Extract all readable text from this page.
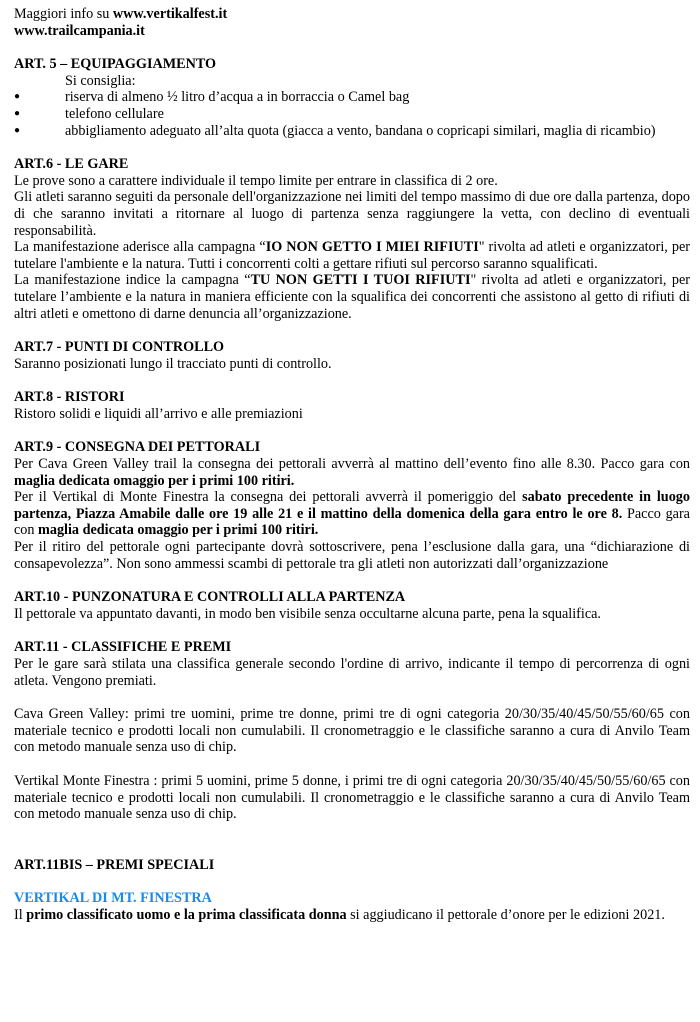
Maggiori info su www.vertikalfest.it

www.trailcampania.it

ART. 5 – EQUIPAGGIAMENTO

Si consiglia:

● riserva di almeno ½ litro d’acqua a in borraccia o Camel bag
● telefono cellulare
● abbigliamento adeguato all’alta quota (giacca a vento, bandana o copricapi similari, maglia di ricambio)

ART.6 - LE GARE

Le prove sono a carattere individuale il tempo limite per entrare in classifica di 2 ore.

Gli atleti saranno seguiti da personale dell'organizzazione nei limiti del tempo massimo di due ore dalla partenza, dopo di che saranno invitati a ritornare al luogo di partenza senza raggiungere la vetta, con declino di eventuali responsabilità.

La manifestazione aderisce alla campagna “IO NON GETTO I MIEI RIFIUTI" rivolta ad atleti e organizzatori, per tutelare l'ambiente e la natura. Tutti i concorrenti colti a gettare rifiuti sul percorso saranno squalificati.

La manifestazione indice la campagna “TU NON GETTI I TUOI RIFIUTI" rivolta ad atleti e organizzatori, per tutelare l’ambiente e la natura in maniera efficiente con la squalifica dei concorrenti che assistono al getto di rifiuti di altri atleti e omettono di darne denuncia all’organizzazione.

ART.7 - PUNTI DI CONTROLLO

Saranno posizionati lungo il tracciato punti di controllo.

ART.8 - RISTORI

Ristoro solidi e liquidi all’arrivo e alle premiazioni

ART.9 - CONSEGNA DEI PETTORALI

Per Cava Green Valley trail la consegna dei pettorali avverrà al mattino dell’evento fino alle 8.30. Pacco gara con maglia dedicata omaggio per i primi 100 ritiri.

Per il Vertikal di Monte Finestra la consegna dei pettorali avverrà il pomeriggio del sabato precedente in luogo partenza, Piazza Amabile dalle ore 19 alle 21 e il mattino della domenica della gara entro le ore 8. Pacco gara con maglia dedicata omaggio per i primi 100 ritiri.

Per il ritiro del pettorale ogni partecipante dovrà sottoscrivere, pena l’esclusione dalla gara, una “dichiarazione di consapevolezza”. Non sono ammessi scambi di pettorale tra gli atleti non autorizzati dall’organizzazione

ART.10 - PUNZONATURA E CONTROLLI ALLA PARTENZA

Il pettorale va appuntato davanti, in modo ben visibile senza occultarne alcuna parte, pena la squalifica.

ART.11 - CLASSIFICHE E PREMI

Per le gare sarà stilata una classifica generale secondo l'ordine di arrivo, indicante il tempo di percorrenza di ogni atleta. Vengono premiati.

Cava Green Valley: primi tre uomini, prime tre donne, primi tre di ogni categoria 20/30/35/40/45/50/55/60/65 con materiale tecnico e prodotti locali non cumulabili. Il cronometraggio e le classifiche saranno a cura di Anvilo Team con metodo manuale senza uso di chip.

Vertikal Monte Finestra : primi 5 uomini, prime 5 donne, i primi tre di ogni categoria 20/30/35/40/45/50/55/60/65 con materiale tecnico e prodotti locali non cumulabili. Il cronometraggio e le classifiche saranno a cura di Anvilo Team con metodo manuale senza uso di chip.

ART.11BIS – PREMI SPECIALI

VERTIKAL DI MT. FINESTRA

Il primo classificato uomo e la prima classificata donna si aggiudicano il pettorale d’onore per le edizioni 2021.
